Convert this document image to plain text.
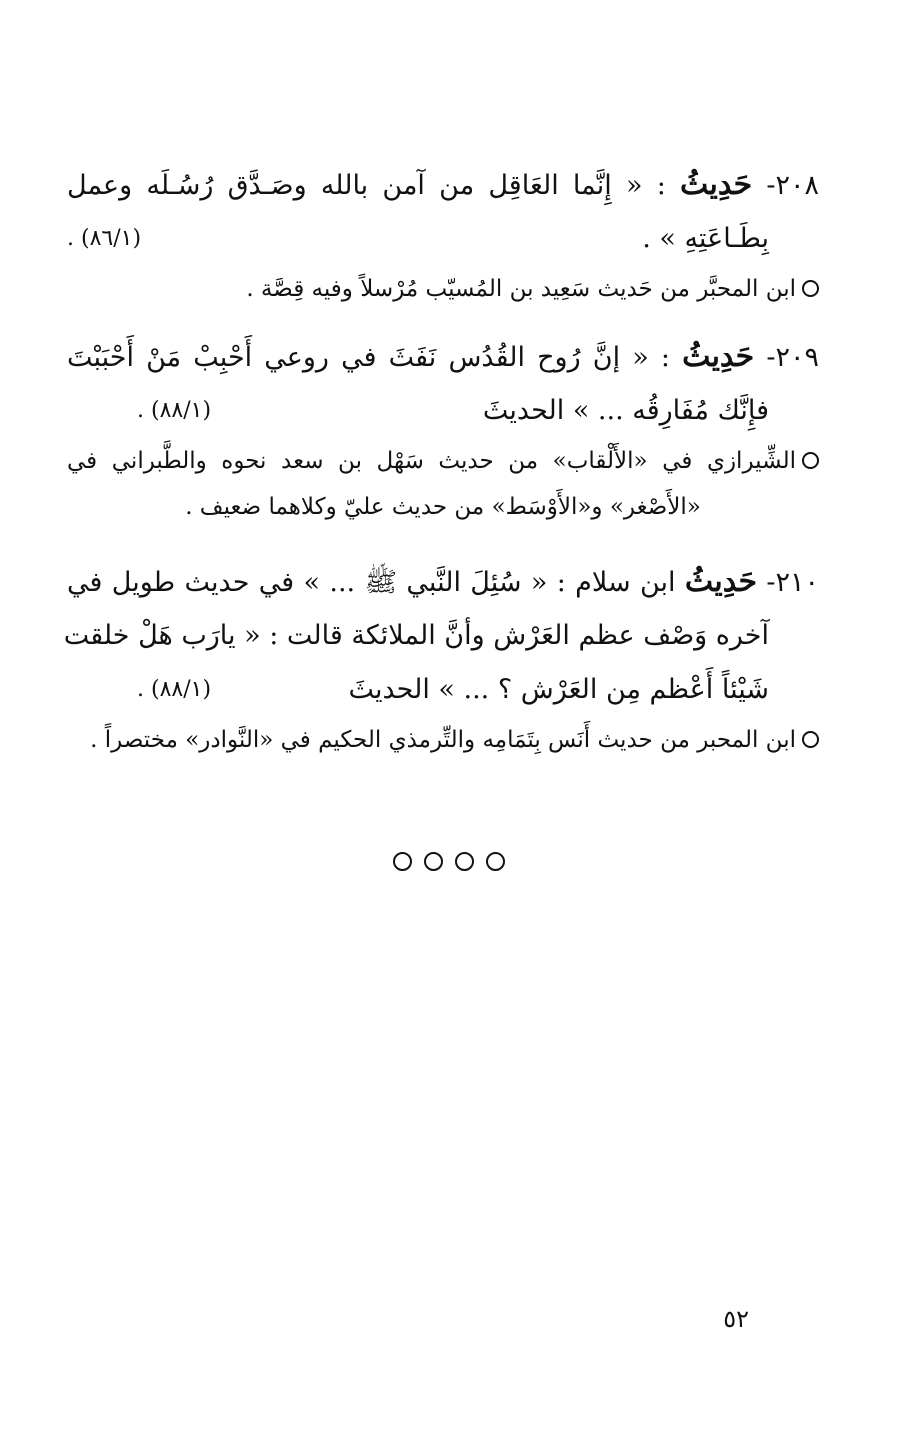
٢٠٨- حَدِيثُ : « إِنَّما العَاقِل من آمن بالله وصَـدَّق رُسُـلَه وعمل
بِطَـاعَتِهِ » .
(٨٦/١) .
ابن المحبَّر من حَديث سَعِيد بن المُسيّب مُرْسلاً وفيه قِصَّة .
٢٠٩- حَدِيثُ : « إنَّ رُوح القُدُس نَفَثَ في روعي أَحْبِبْ مَنْ أَحْبَبْتَ
فإِنَّك مُفَارِقُه ... » الحديثَ
(٨٨/١) .
الشِّيرازي في «الأَلْقاب» من حديث سَهْل بن سعد نحوه والطَّبراني في
«الأَصْغر» و«الأَوْسَط» من حديث عليّ وكلاهما ضعيف .
٢١٠- حَدِيثُ ابن سلام : « سُئِلَ النَّبي ﷺ ... » في حديث طويل في
آخره وَصْف عظم العَرْش وأنَّ الملائكة قالت : « يارَب هَلْ خلقت
شَيْئاً أَعْظم مِن العَرْش ؟ ... » الحديثَ
(٨٨/١) .
ابن المحبر من حديث أَنَس بِتَمَامِه والتِّرمذي الحكيم في «النَّوادر» مختصراً .
٥٢
